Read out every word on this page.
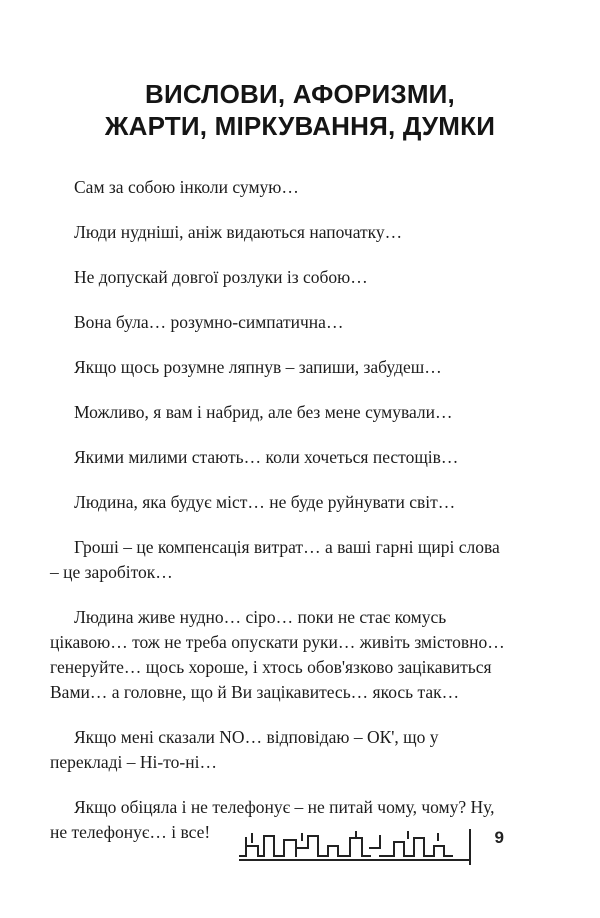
ВИСЛОВИ, АФОРИЗМИ,
ЖАРТИ, МІРКУВАННЯ, ДУМКИ

Сам за собою інколи сумую…

Люди нудніші, аніж видаються напочатку…

Не допускай довгої розлуки із собою…

Вона була… розумно-симпатична…

Якщо щось розумне ляпнув – запиши, забудеш…

Можливо, я вам і набрид, але без мене сумували…

Якими милими стають… коли хочеться пестощів…

Людина, яка будує міст… не буде руйнувати світ…

Гроші – це компенсація витрат… а ваші гарні щирі слова – це заробіток…

Людина живе нудно… сіро… поки не стає комусь цікавою… тож не треба опускати руки… живіть змістовно… генеруйте… щось хороше, і хтось обов'язково зацікавиться Вами… а головне, що й Ви зацікавитесь… якось так…

Якщо мені сказали NO… відповідаю – ОК', що у перекладі – Ні-то-ні…

Якщо обіцяла і не телефонує – не питай чому, чому? Ну, не телефонує… і все!	9
